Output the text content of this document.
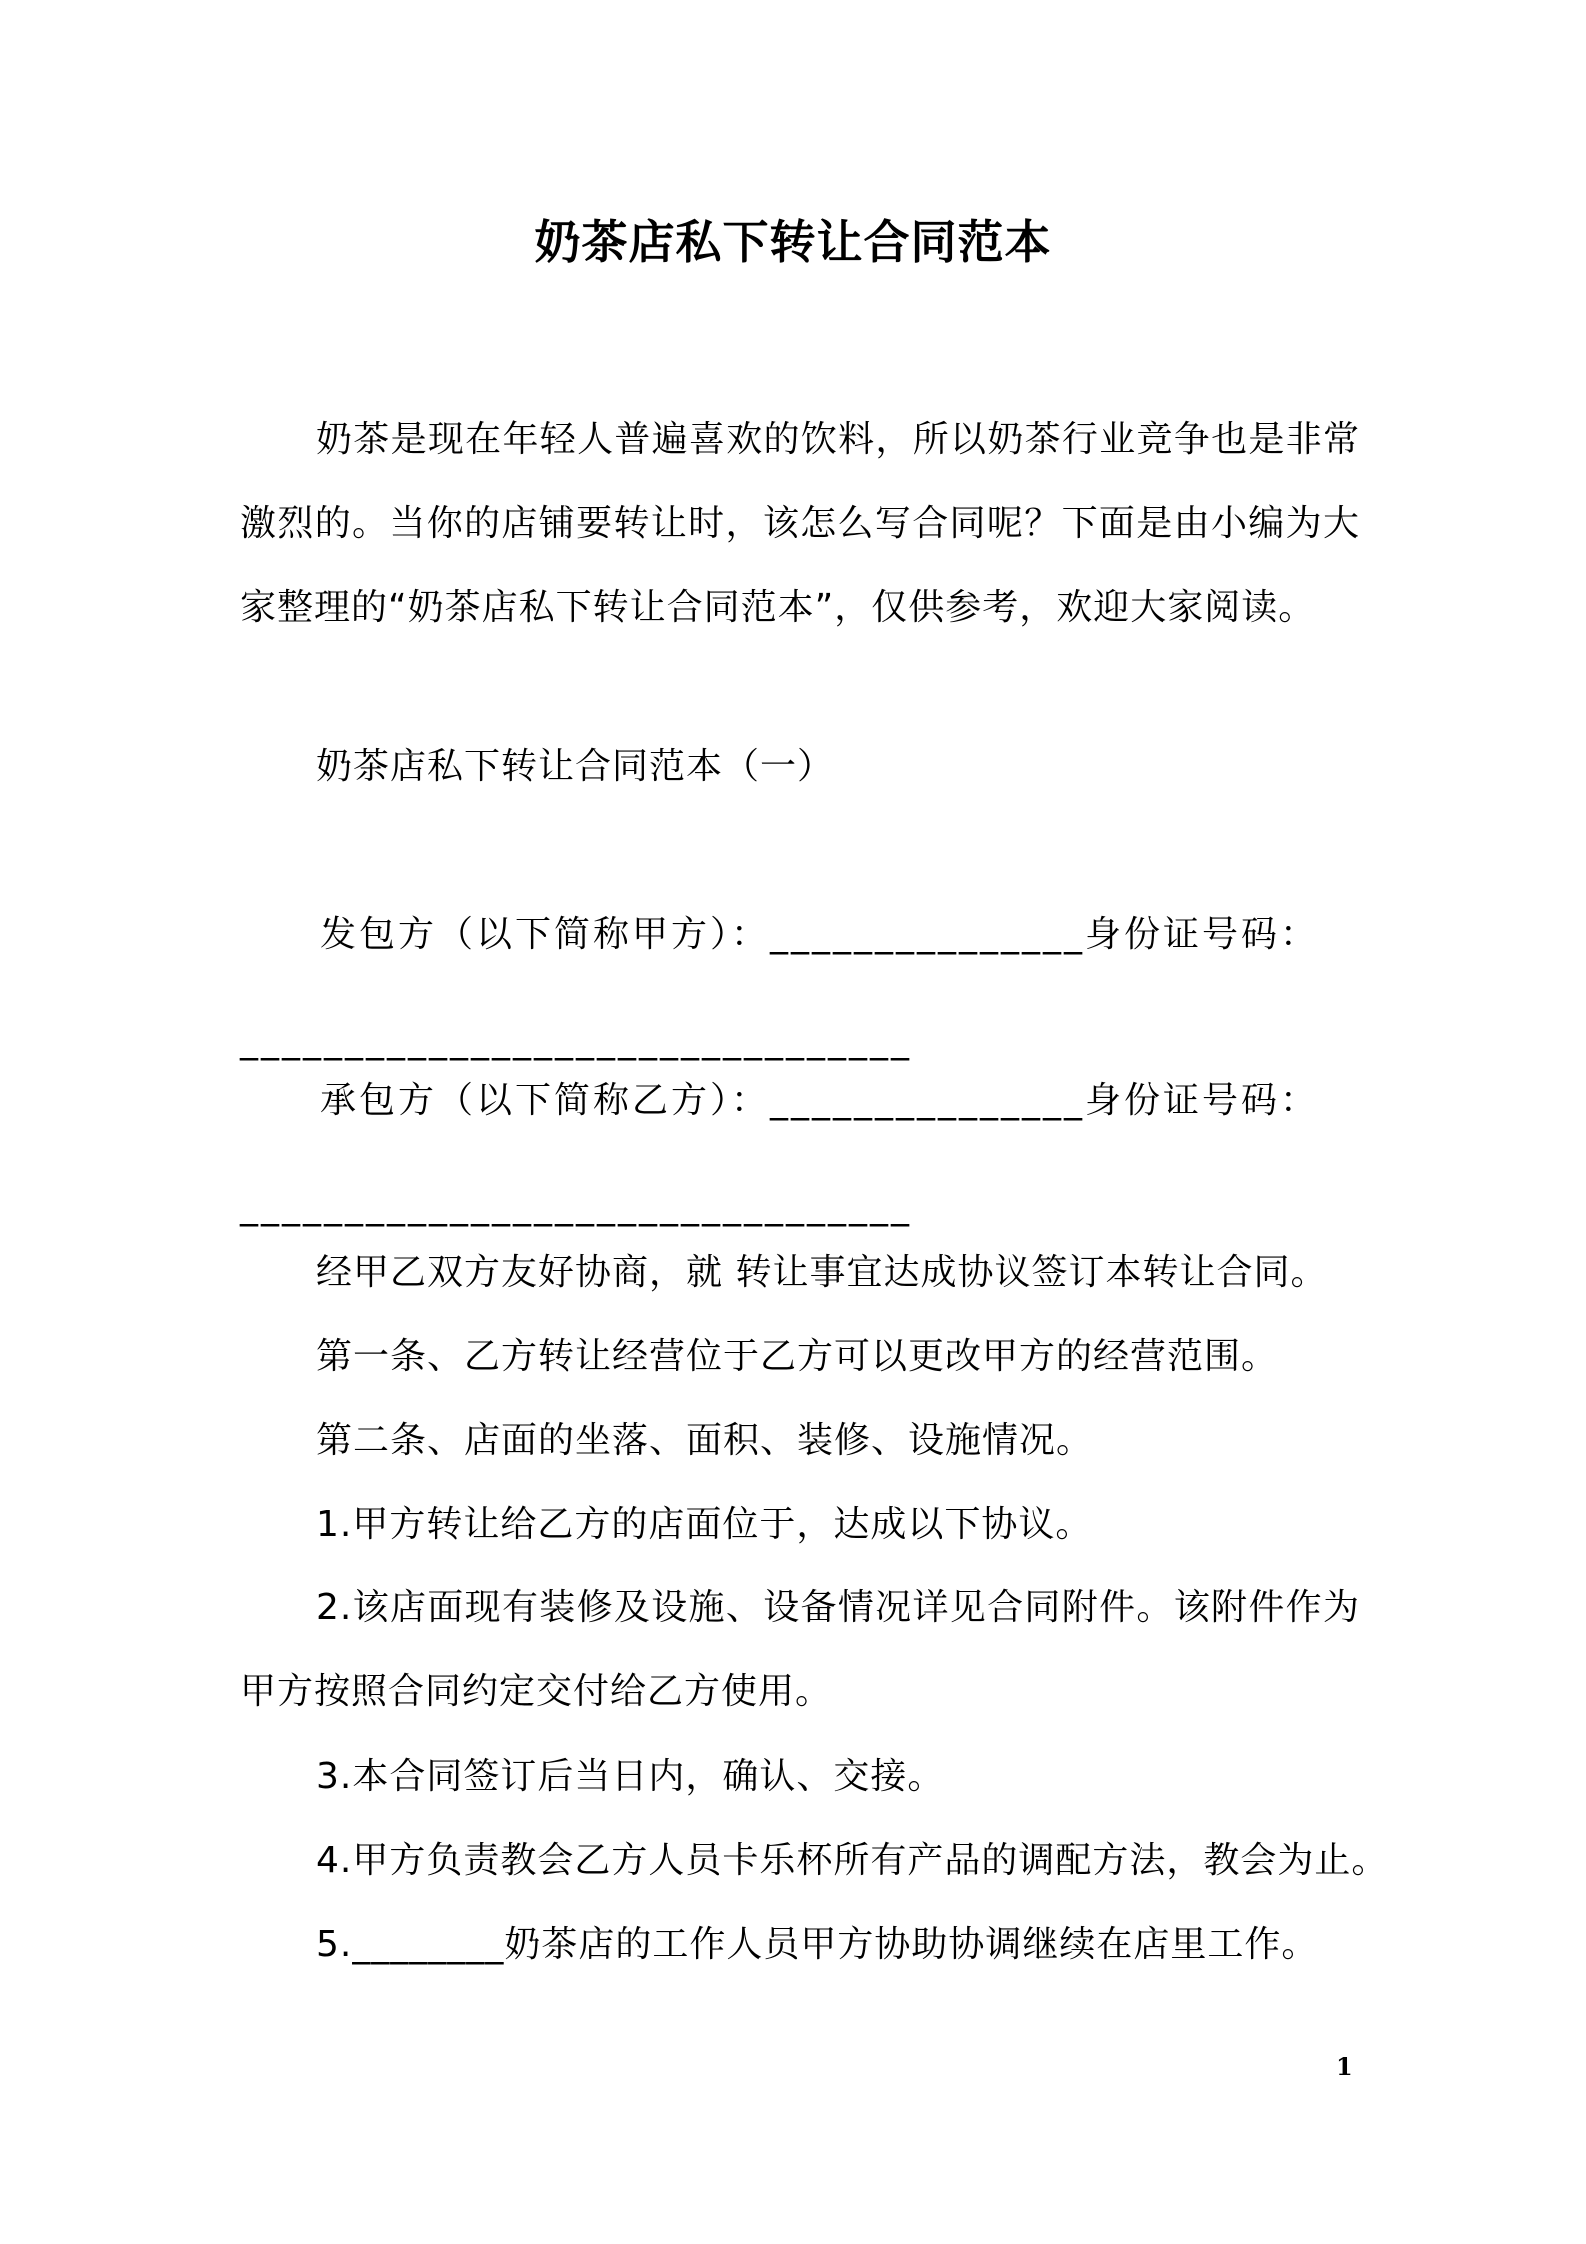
奶茶店私下转让合同范本

奶茶是现在年轻人普遍喜欢的饮料，所以奶茶行业竞争也是非常激烈的。当你的店铺要转让时，该怎么写合同呢？下面是由小编为大家整理的“奶茶店私下转让合同范本”，仅供参考，欢迎大家阅读。

奶茶店私下转让合同范本（一）

发包方（以下简称甲方）：_______________身份证号码：
________________________________
承包方（以下简称乙方）：_______________身份证号码：
________________________________

经甲乙双方友好协商，就 转让事宜达成协议签订本转让合同。

第一条、乙方转让经营位于乙方可以更改甲方的经营范围。

第二条、店面的坐落、面积、装修、设施情况。

1.甲方转让给乙方的店面位于，达成以下协议。

2.该店面现有装修及设施、设备情况详见合同附件。该附件作为甲方按照合同约定交付给乙方使用。

3.本合同签订后当日内，确认、交接。

4.甲方负责教会乙方人员卡乐杯所有产品的调配方法，教会为止。

5.________奶茶店的工作人员甲方协助协调继续在店里工作。

1
